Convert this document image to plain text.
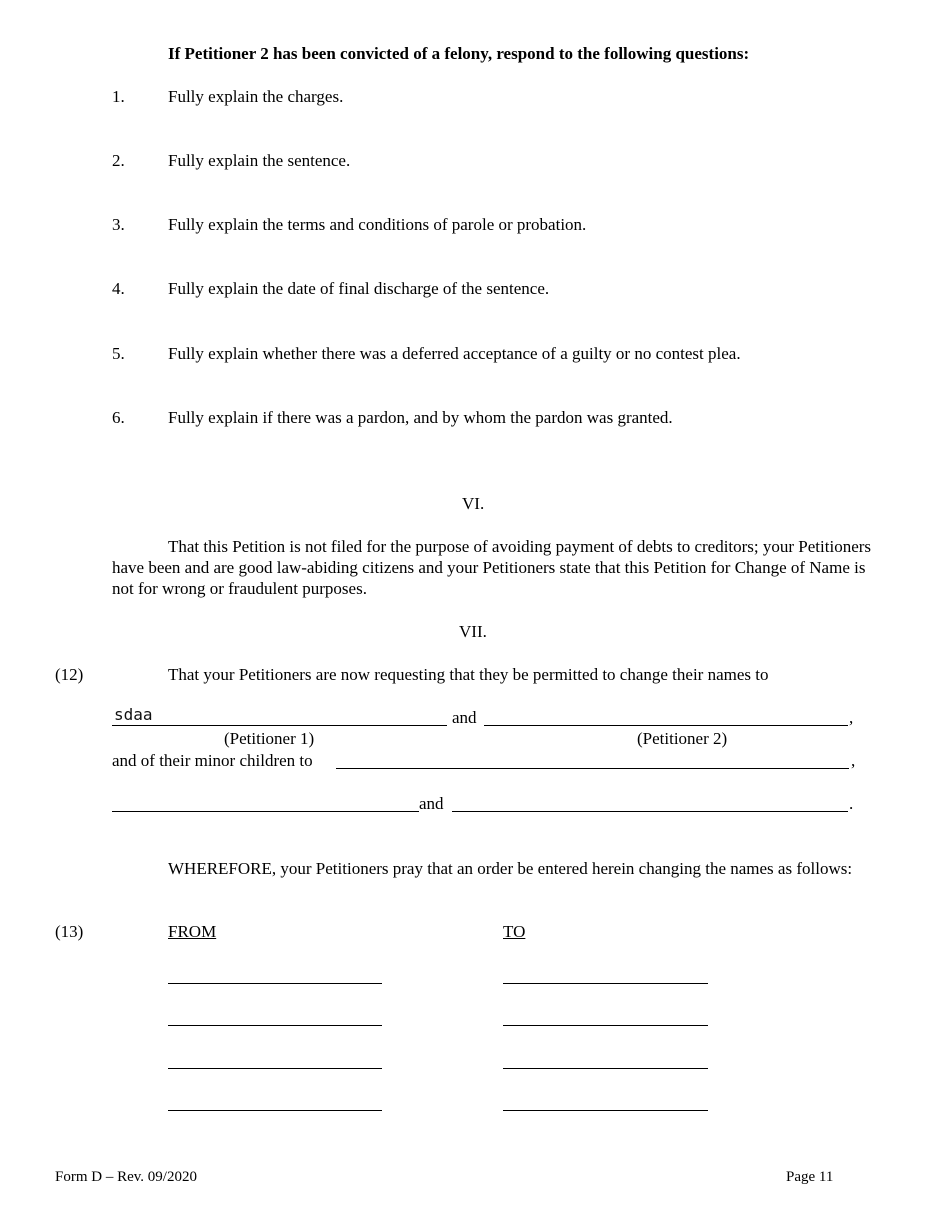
If Petitioner 2 has been convicted of a felony, respond to the following questions:
1.	Fully explain the charges.
2.	Fully explain the sentence.
3.	Fully explain the terms and conditions of parole or probation.
4.	Fully explain the date of final discharge of the sentence.
5.	Fully explain whether there was a deferred acceptance of a guilty or no contest plea.
6.	Fully explain if there was a pardon, and by whom the pardon was granted.
VI.
That this Petition is not filed for the purpose of avoiding payment of debts to creditors; your Petitioners have been and are good law-abiding citizens and your Petitioners state that this Petition for Change of Name is not for wrong or fraudulent purposes.
VII.
(12)	That your Petitioners are now requesting that they be permitted to change their names to
sdaa
and	,
(Petitioner 1)	(Petitioner 2)
and of their minor children to	,
and	.
WHEREFORE, your Petitioners pray that an order be entered herein changing the names as follows:
(13)	FROM	TO
Form D – Rev. 09/2020	Page 11
